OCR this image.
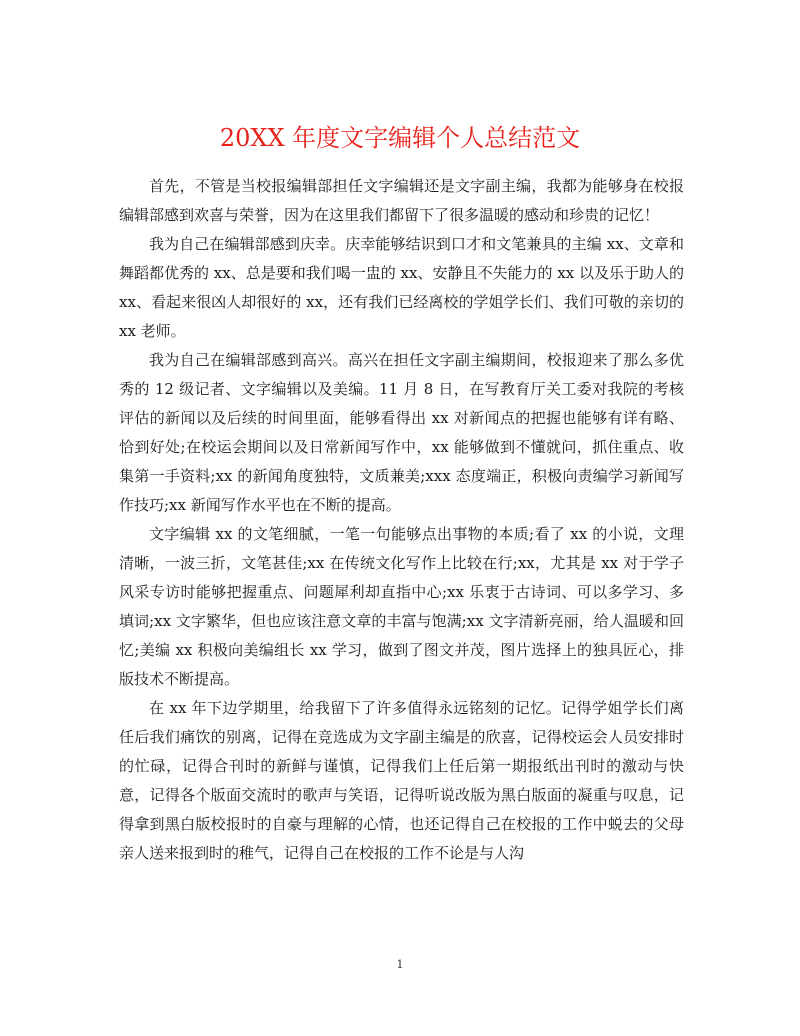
20XX 年度文字编辑个人总结范文

首先，不管是当校报编辑部担任文字编辑还是文字副主编，我都为能够身在校报编辑部感到欢喜与荣誉，因为在这里我们都留下了很多温暖的感动和珍贵的记忆！

我为自己在编辑部感到庆幸。庆幸能够结识到口才和文笔兼具的主编 xx、文章和舞蹈都优秀的 xx、总是要和我们喝一盅的 xx、安静且不失能力的 xx 以及乐于助人的 xx、看起来很凶人却很好的 xx，还有我们已经离校的学姐学长们、我们可敬的亲切的 xx 老师。

我为自己在编辑部感到高兴。高兴在担任文字副主编期间，校报迎来了那么多优秀的 12 级记者、文字编辑以及美编。11 月 8 日，在写教育厅关工委对我院的考核评估的新闻以及后续的时间里面，能够看得出 xx 对新闻点的把握也能够有详有略、恰到好处;在校运会期间以及日常新闻写作中，xx 能够做到不懂就问，抓住重点、收集第一手资料;xx 的新闻角度独特，文质兼美;xxx 态度端正，积极向责编学习新闻写作技巧;xx 新闻写作水平也在不断的提高。

文字编辑 xx 的文笔细腻，一笔一句能够点出事物的本质;看了 xx 的小说，文理清晰，一波三折，文笔甚佳;xx 在传统文化写作上比较在行;xx，尤其是 xx 对于学子风采专访时能够把握重点、问题犀利却直指中心;xx 乐衷于古诗词、可以多学习、多填词;xx 文字繁华，但也应该注意文章的丰富与饱满;xx 文字清新亮丽，给人温暖和回忆;美编 xx 积极向美编组长 xx 学习，做到了图文并茂，图片选择上的独具匠心，排版技术不断提高。

在 xx 年下边学期里，给我留下了许多值得永远铭刻的记忆。记得学姐学长们离任后我们痛饮的别离，记得在竞选成为文字副主编是的欣喜，记得校运会人员安排时的忙碌，记得合刊时的新鲜与谨慎，记得我们上任后第一期报纸出刊时的激动与快意，记得各个版面交流时的歌声与笑语，记得听说改版为黑白版面的凝重与叹息，记得拿到黑白版校报时的自豪与理解的心情，也还记得自己在校报的工作中蜕去的父母亲人送来报到时的稚气，记得自己在校报的工作不论是与人沟

1
